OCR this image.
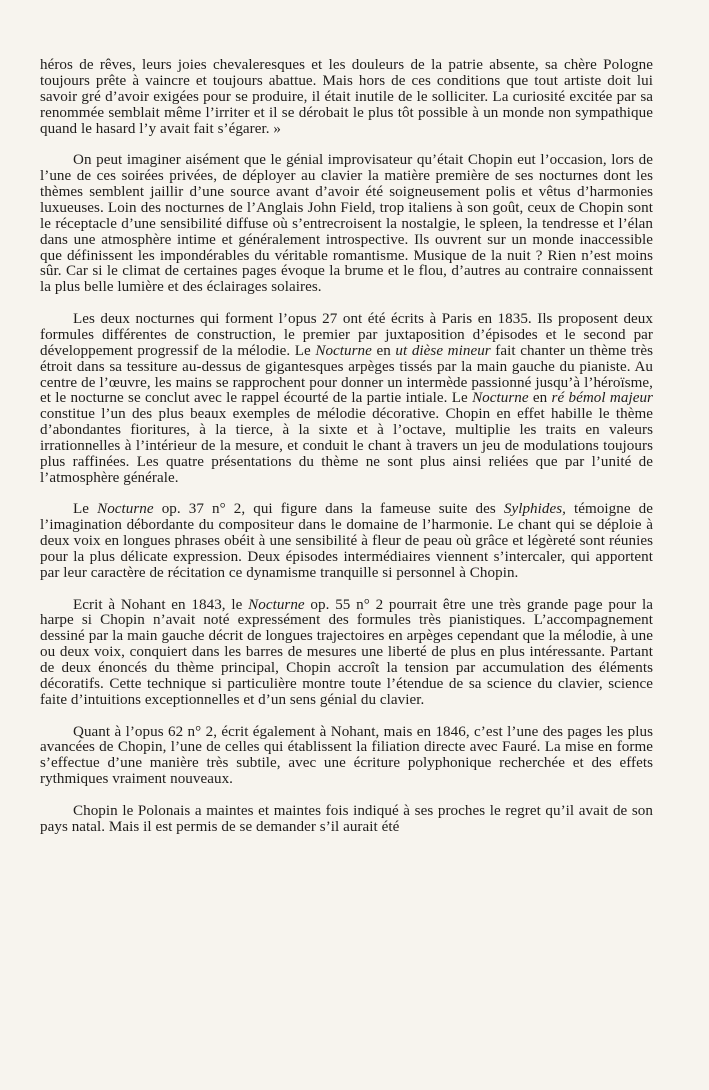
héros de rêves, leurs joies chevaleresques et les douleurs de la patrie absente, sa chère Pologne toujours prête à vaincre et toujours abattue. Mais hors de ces conditions que tout artiste doit lui savoir gré d’avoir exigées pour se produire, il était inutile de le solliciter. La curiosité excitée par sa renommée semblait même l’irriter et il se dérobait le plus tôt possible à un monde non sympathique quand le hasard l’y avait fait s’égarer. »

On peut imaginer aisément que le génial improvisateur qu’était Chopin eut l’occasion, lors de l’une de ces soirées privées, de déployer au clavier la matière première de ses nocturnes dont les thèmes semblent jaillir d’une source avant d’avoir été soigneusement polis et vêtus d’harmonies luxueuses. Loin des nocturnes de l’Anglais John Field, trop italiens à son goût, ceux de Chopin sont le réceptacle d’une sensibilité diffuse où s’entrecroisent la nostalgie, le spleen, la tendresse et l’élan dans une atmosphère intime et généralement introspective. Ils ouvrent sur un monde inaccessible que définissent les impondérables du véritable romantisme. Musique de la nuit ? Rien n’est moins sûr. Car si le climat de certaines pages évoque la brume et le flou, d’autres au contraire connaissent la plus belle lumière et des éclairages solaires.

Les deux nocturnes qui forment l’opus 27 ont été écrits à Paris en 1835. Ils proposent deux formules différentes de construction, le premier par juxtaposition d’épisodes et le second par développement progressif de la mélodie. Le Nocturne en ut dièse mineur fait chanter un thème très étroit dans sa tessiture au-dessus de gigantesques arpèges tissés par la main gauche du pianiste. Au centre de l’œuvre, les mains se rapprochent pour donner un intermède passionné jusqu’à l’héroïsme, et le nocturne se conclut avec le rappel écourté de la partie intiale. Le Nocturne en ré bémol majeur constitue l’un des plus beaux exemples de mélodie décorative. Chopin en effet habille le thème d’abondantes fioritures, à la tierce, à la sixte et à l’octave, multiplie les traits en valeurs irrationnelles à l’intérieur de la mesure, et conduit le chant à travers un jeu de modulations toujours plus raffinées. Les quatre présentations du thème ne sont plus ainsi reliées que par l’unité de l’atmosphère générale.

Le Nocturne op. 37 n° 2, qui figure dans la fameuse suite des Sylphides, témoigne de l’imagination débordante du compositeur dans le domaine de l’harmonie. Le chant qui se déploie à deux voix en longues phrases obéit à une sensibilité à fleur de peau où grâce et légèreté sont réunies pour la plus délicate expression. Deux épisodes intermédiaires viennent s’intercaler, qui apportent par leur caractère de récitation ce dynamisme tranquille si personnel à Chopin.

Ecrit à Nohant en 1843, le Nocturne op. 55 n° 2 pourrait être une très grande page pour la harpe si Chopin n’avait noté expressément des formules très pianistiques. L’accompagnement dessiné par la main gauche décrit de longues trajectoires en arpèges cependant que la mélodie, à une ou deux voix, conquiert dans les barres de mesures une liberté de plus en plus intéressante. Partant de deux énoncés du thème principal, Chopin accroît la tension par accumulation des éléments décoratifs. Cette technique si particulière montre toute l’étendue de sa science du clavier, science faite d’intuitions exceptionnelles et d’un sens génial du clavier.

Quant à l’opus 62 n° 2, écrit également à Nohant, mais en 1846, c’est l’une des pages les plus avancées de Chopin, l’une de celles qui établissent la filiation directe avec Fauré. La mise en forme s’effectue d’une manière très subtile, avec une écriture polyphonique recherchée et des effets rythmiques vraiment nouveaux.

Chopin le Polonais a maintes et maintes fois indiqué à ses proches le regret qu’il avait de son pays natal. Mais il est permis de se demander s’il aurait été
